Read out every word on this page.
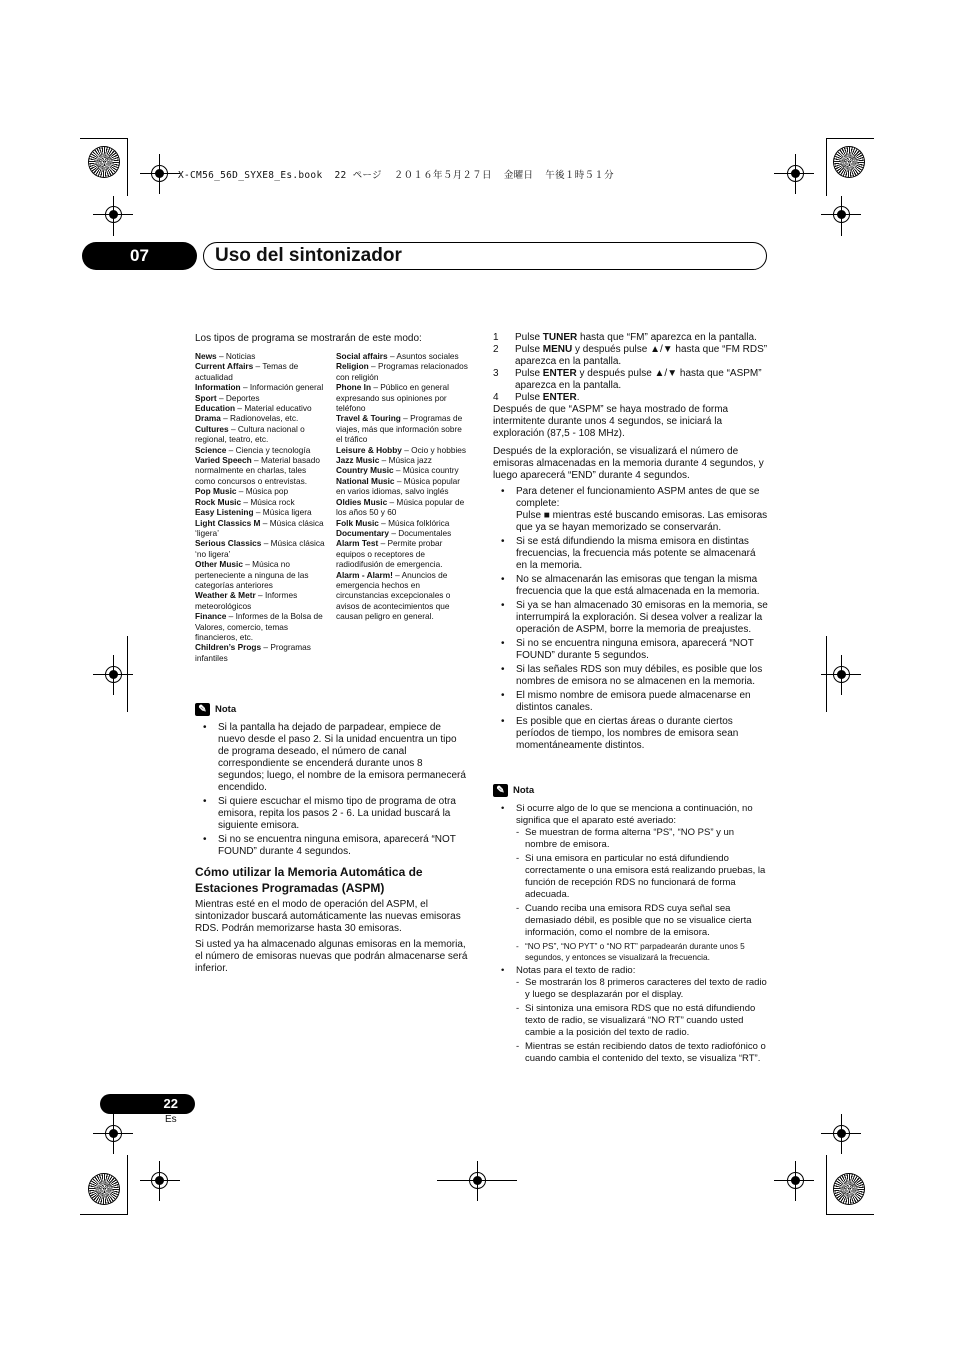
X-CM56_56D_SYXE8_Es.book  22 ページ  ２０１６年５月２７日  金曜日  午後１時５１分
07	Uso del sintonizador

Los tipos de programa se mostrarán de este modo:

News – Noticias
Current Affairs – Temas de actualidad
Information – Información general
Sport – Deportes
Education – Material educativo
Drama – Radionovelas, etc.
Cultures – Cultura nacional o regional, teatro, etc.
Science – Ciencia y tecnología
Varied Speech – Material basado normalmente en charlas, tales como concursos o entrevistas.
Pop Music – Música pop
Rock Music – Música rock
Easy Listening – Música ligera
Light Classics M – Música clásica ‘ligera’
Serious Classics – Música clásica ‘no ligera’
Other Music – Música no perteneciente a ninguna de las categorías anteriores
Weather & Metr – Informes meteorológicos
Finance – Informes de la Bolsa de Valores, comercio, temas financieros, etc.
Children’s Progs – Programas infantiles
Social affairs – Asuntos sociales
Religion – Programas relacionados con religión
Phone In – Público en general expresando sus opiniones por teléfono
Travel & Touring – Programas de viajes, más que información sobre el tráfico
Leisure & Hobby – Ocio y hobbies
Jazz Music – Música jazz
Country Music – Música country
National Music – Música popular en varios idiomas, salvo inglés
Oldies Music – Música popular de los años 50 y 60
Folk Music – Música folklórica
Documentary – Documentales
Alarm Test – Permite probar equipos o receptores de radiodifusión de emergencia.
Alarm - Alarm! – Anuncios de emergencia hechos en circunstancias excepcionales o avisos de acontecimientos que causan peligro en general.
✎ Nota
• Si la pantalla ha dejado de parpadear, empiece de nuevo desde el paso 2. Si la unidad encuentra un tipo de programa deseado, el número de canal correspondiente se encenderá durante unos 8 segundos; luego, el nombre de la emisora permanecerá encendido.
• Si quiere escuchar el mismo tipo de programa de otra emisora, repita los pasos 2 - 6. La unidad buscará la siguiente emisora.
• Si no se encuentra ninguna emisora, aparecerá “NOT FOUND” durante 4 segundos.
Cómo utilizar la Memoria Automática de Estaciones Programadas (ASPM)

Mientras esté en el modo de operación del ASPM, el sintonizador buscará automáticamente las nuevas emisoras RDS. Podrán memorizarse hasta 30 emisoras.

Si usted ya ha almacenado algunas emisoras en la memoria, el número de emisoras nuevas que podrán almacenarse será inferior.

1	Pulse TUNER hasta que “FM” aparezca en la pantalla.
2	Pulse MENU y después pulse ▲/▼ hasta que “FM RDS” aparezca en la pantalla.
3	Pulse ENTER y después pulse ▲/▼ hasta que “ASPM” aparezca en la pantalla.
4	Pulse ENTER.

Después de que “ASPM” se haya mostrado de forma intermitente durante unos 4 segundos, se iniciará la exploración (87,5 - 108 MHz).

Después de la exploración, se visualizará el número de emisoras almacenadas en la memoria durante 4 segundos, y luego aparecerá “END” durante 4 segundos.

• Para detener el funcionamiento ASPM antes de que se complete:
Pulse ■ mientras esté buscando emisoras. Las emisoras que ya se hayan memorizado se conservarán.
• Si se está difundiendo la misma emisora en distintas frecuencias, la frecuencia más potente se almacenará en la memoria.
• No se almacenarán las emisoras que tengan la misma frecuencia que la que está almacenada en la memoria.
• Si ya se han almacenado 30 emisoras en la memoria, se interrumpirá la exploración. Si desea volver a realizar la operación de ASPM, borre la memoria de preajustes.
• Si no se encuentra ninguna emisora, aparecerá “NOT FOUND” durante 5 segundos.
• Si las señales RDS son muy débiles, es posible que los nombres de emisora no se almacenen en la memoria.
• El mismo nombre de emisora puede almacenarse en distintos canales.
• Es posible que en ciertas áreas o durante ciertos períodos de tiempo, los nombres de emisora sean momentáneamente distintos.
✎ Nota
• Si ocurre algo de lo que se menciona a continuación, no significa que el aparato esté averiado:
- Se muestran de forma alterna “PS”, “NO PS” y un nombre de emisora.
- Si una emisora en particular no está difundiendo correctamente o una emisora está realizando pruebas, la función de recepción RDS no funcionará de forma adecuada.
- Cuando reciba una emisora RDS cuya señal sea demasiado débil, es posible que no se visualice cierta información, como el nombre de la emisora.
- “NO PS”, “NO PYT” o “NO RT” parpadearán durante unos 5 segundos, y entonces se visualizará la frecuencia.
• Notas para el texto de radio:
- Se mostrarán los 8 primeros caracteres del texto de radio y luego se desplazarán por el display.
- Si sintoniza una emisora RDS que no está difundiendo texto de radio, se visualizará “NO RT” cuando usted cambie a la posición del texto de radio.
- Mientras se están recibiendo datos de texto radiofónico o cuando cambia el contenido del texto, se visualiza “RT”.
22
Es
